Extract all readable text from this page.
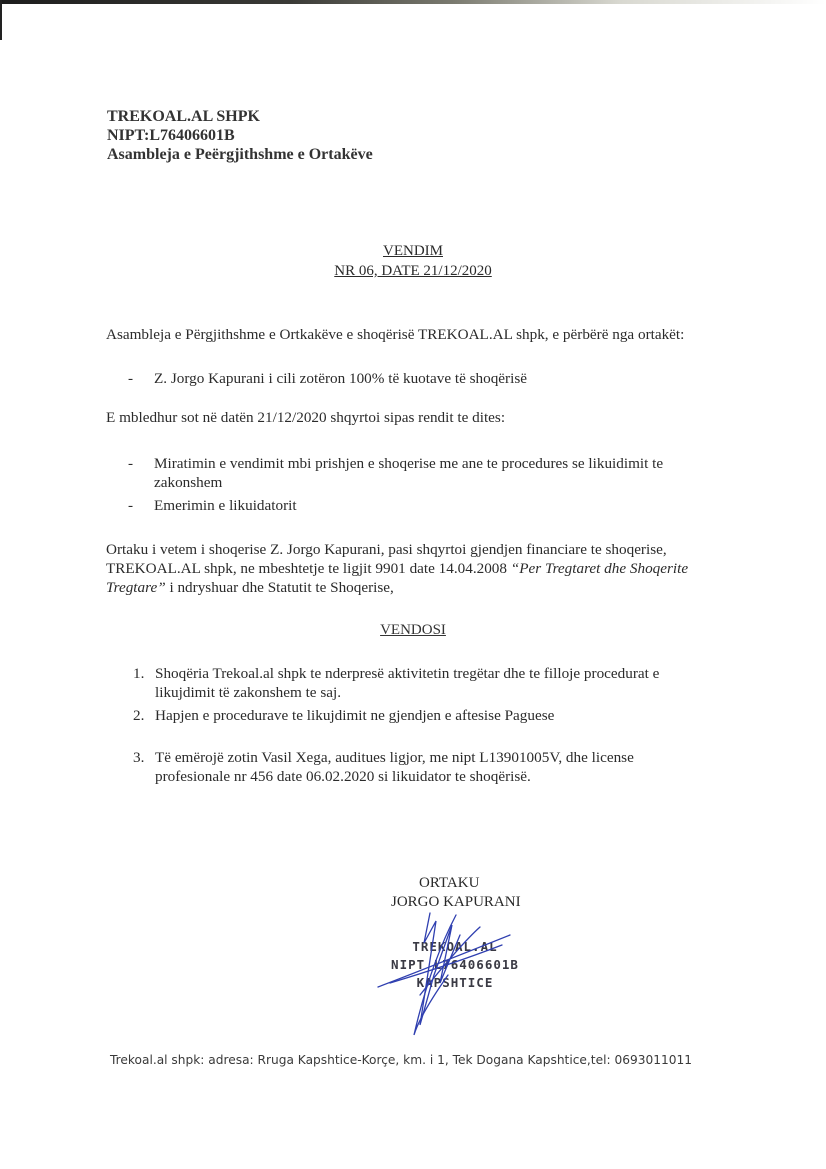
TREKOAL.AL SHPK
NIPT:L76406601B
Asambleja e Peërgjithshme e Ortakëve
VENDIM
NR 06, DATE 21/12/2020
Asambleja e Përgjithshme e Ortkakëve e shoqërisë TREKOAL.AL shpk, e përbërë nga ortakët:
- Z. Jorgo Kapurani i cili zotëron 100% të kuotave të shoqërisë
E mbledhur sot në datën 21/12/2020 shqyrtoi sipas rendit te dites:
- Miratimin e vendimit mbi prishjen e shoqerise me ane te procedures se likuidimit te
zakonshem
- Emerimin e likuidatorit
Ortaku i vetem i shoqerise Z. Jorgo Kapurani, pasi shqyrtoi gjendjen financiare te shoqerise,
TREKOAL.AL shpk, ne mbeshtetje te ligjit 9901 date 14.04.2008 “Per Tregtaret dhe Shoqerite
Tregtare” i ndryshuar dhe Statutit te Shoqerise,
VENDOSI
1. Shoqëria Trekoal.al shpk te nderpresë aktivitetin tregëtar dhe te filloje procedurat e
likujdimit të zakonshem te saj.
2. Hapjen e procedurave te likujdimit ne gjendjen e aftesise Paguese
3. Të emërojë zotin Vasil Xega, auditues ligjor, me nipt L13901005V, dhe license
profesionale nr 456 date 06.02.2020 si likuidator te shoqërisë.
ORTAKU
JORGO KAPURANI
TREKOAL.AL
NIPT L76406601B
KAPSHTICE
Trekoal.al shpk: adresa: Rruga Kapshtice-Korçe, km. i 1, Tek Dogana Kapshtice,tel: 0693011011
